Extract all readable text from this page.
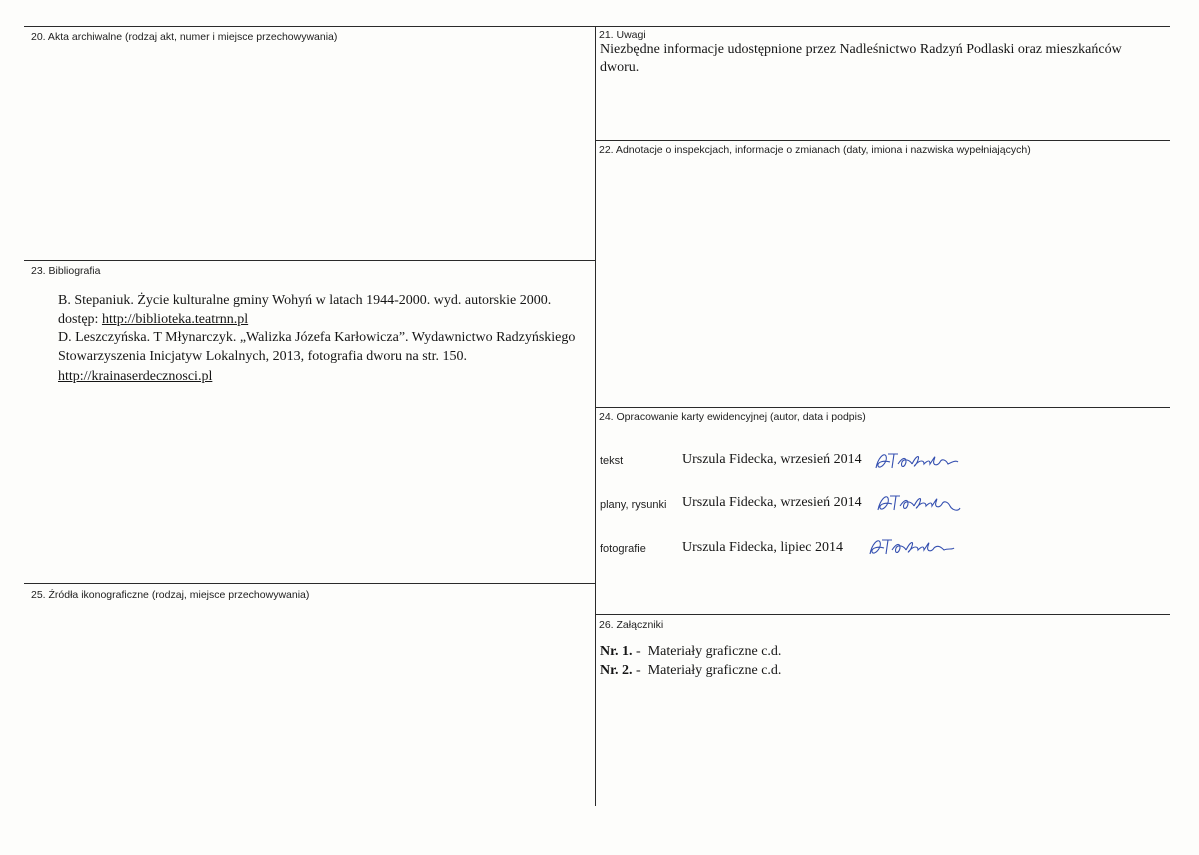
20. Akta archiwalne (rodzaj akt, numer i miejsce przechowywania)	21. Uwagi
Niezbędne informacje udostępnione przez Nadleśnictwo Radzyń Podlaski oraz mieszkańców
dworu.
22. Adnotacje o inspekcjach, informacje o zmianach (daty, imiona i nazwiska wypełniających)
23. Bibliografia
B. Stepaniuk. Życie kulturalne gminy Wohyń w latach 1944-2000. wyd. autorskie 2000.
dostęp: http://biblioteka.teatrnn.pl
D. Leszczyńska. T Młynarczyk. „Walizka Józefa Karłowicza”. Wydawnictwo Radzyńskiego
Stowarzyszenia Inicjatyw Lokalnych, 2013, fotografia dworu na str. 150.
http://krainaserdecznosci.pl
24. Opracowanie karty ewidencyjnej (autor, data i podpis)
tekst	Urszula Fidecka, wrzesień 2014
plany, rysunki Urszula Fidecka, wrzesień 2014
fotografie	Urszula Fidecka, lipiec 2014
25. Źródła ikonograficzne (rodzaj, miejsce przechowywania)
26. Załączniki
Nr. 1. -  Materiały graficzne c.d.
Nr. 2. -  Materiały graficzne c.d.
